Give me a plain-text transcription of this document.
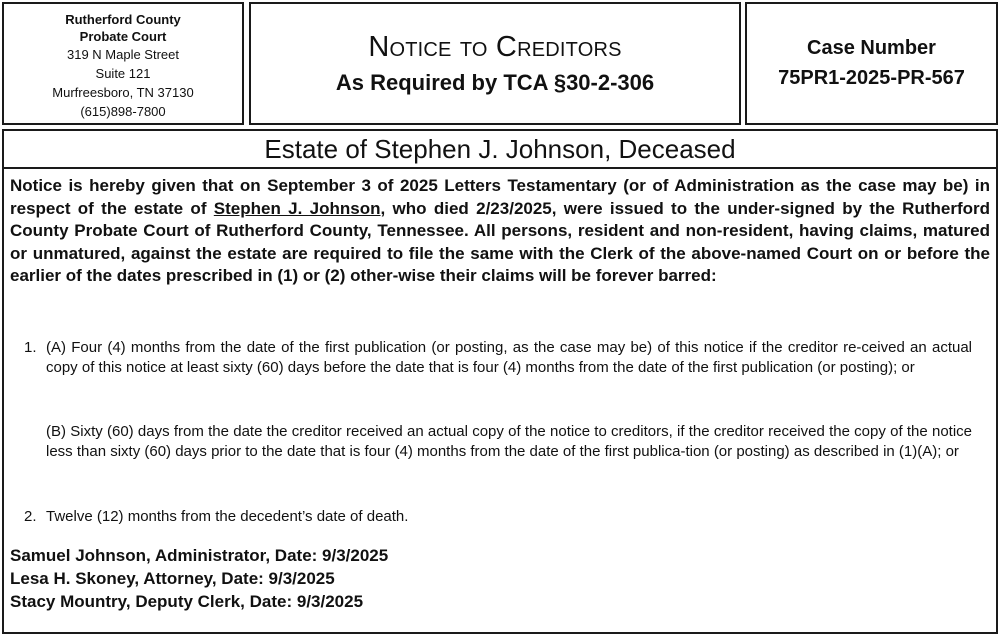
Rutherford County
Probate Court
319 N Maple Street
Suite 121
Murfreesboro, TN 37130
(615)898-7800
Notice to Creditors
As Required by TCA §30-2-306
Case Number
75PR1-2025-PR-567
Estate of Stephen J. Johnson, Deceased
Notice is hereby given that on September 3 of 2025 Letters Testamentary (or of Administration as the case may be) in respect of the estate of Stephen J. Johnson, who died 2/23/2025, were issued to the under-signed by the Rutherford County Probate Court of Rutherford County, Tennessee. All persons, resident and non-resident, having claims, matured or unmatured, against the estate are required to file the same with the Clerk of the above-named Court on or before the earlier of the dates prescribed in (1) or (2) other-wise their claims will be forever barred:
1. (A) Four (4) months from the date of the first publication (or posting, as the case may be) of this notice if the creditor re-ceived an actual copy of this notice at least sixty (60) days before the date that is four (4) months from the date of the first publication (or posting); or
(B) Sixty (60) days from the date the creditor received an actual copy of the notice to creditors, if the creditor received the copy of the notice less than sixty (60) days prior to the date that is four (4) months from the date of the first publica-tion (or posting) as described in (1)(A); or
2. Twelve (12) months from the decedent’s date of death.
Samuel Johnson, Administrator, Date: 9/3/2025
Lesa H. Skoney, Attorney, Date: 9/3/2025
Stacy Mountry, Deputy Clerk, Date: 9/3/2025
